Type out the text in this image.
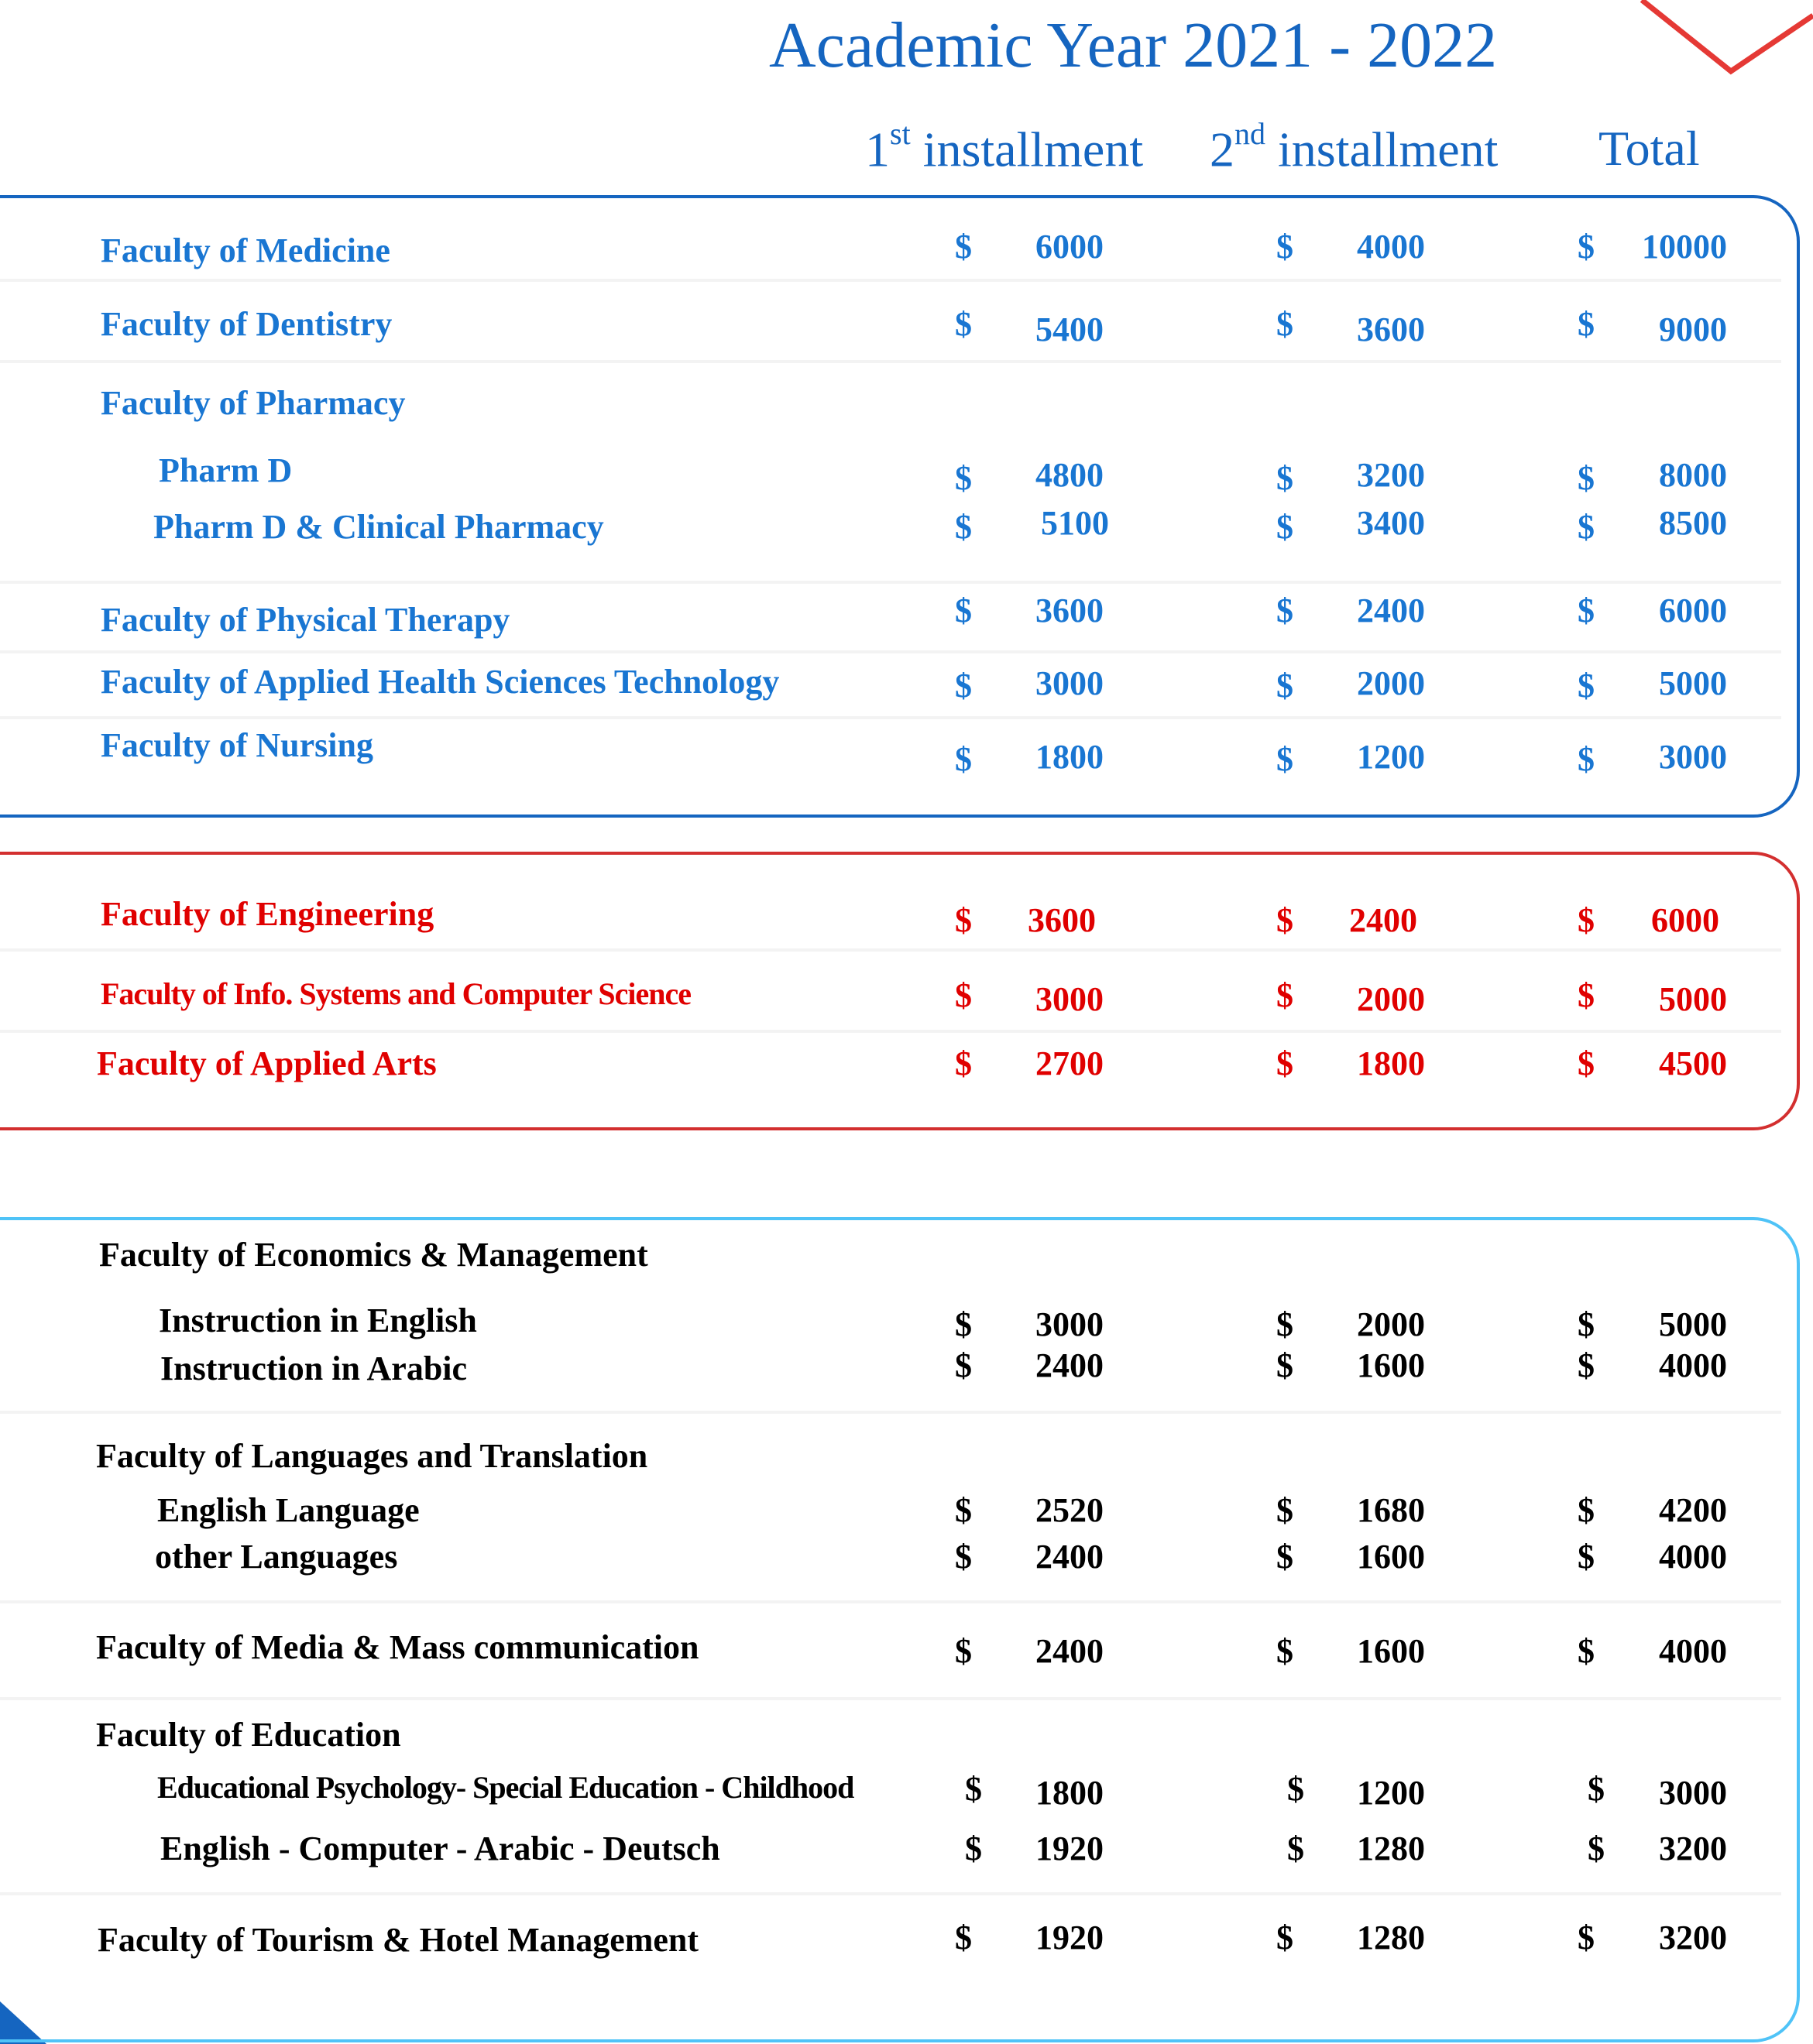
Academic Year 2021 - 2022
1st installment 2nd installment Total
Faculty of Medicine	$	6000	$	4000	$	10000
Faculty of Dentistry	$	5400	$	3600	$	9000
Faculty of Pharmacy
Pharm D	$	4800	$	3200	$	8000
Pharm D & Clinical Pharmacy	$	5100	$	3400	$	8500
Faculty of Physical Therapy	$	3600	$	2400	$	6000
Faculty of Applied Health Sciences Technology	$	3000	$	2000	$	5000
Faculty of Nursing	$	1800	$	1200	$	3000
Faculty of Engineering	$	3600	$	2400	$	6000
Faculty of Info. Systems and Computer Science	$	3000	$	2000	$	5000
Faculty of Applied Arts	$	2700	$	1800	$	4500
Faculty of Economics & Management
Instruction in English	$	3000	$	2000	$	5000
Instruction in Arabic	$	2400	$	1600	$	4000
Faculty of Languages and Translation
English Language	$	2520	$	1680	$	4200
other Languages	$	2400	$	1600	$	4000
Faculty of Media & Mass communication	$	2400	$	1600	$	4000
Faculty of Education
Educational Psychology- Special Education - Childhood	$	1800	$	1200	$	3000
English - Computer - Arabic - Deutsch	$	1920	$	1280	$	3200
Faculty of Tourism & Hotel Management	$	1920	$	1280	$	3200
